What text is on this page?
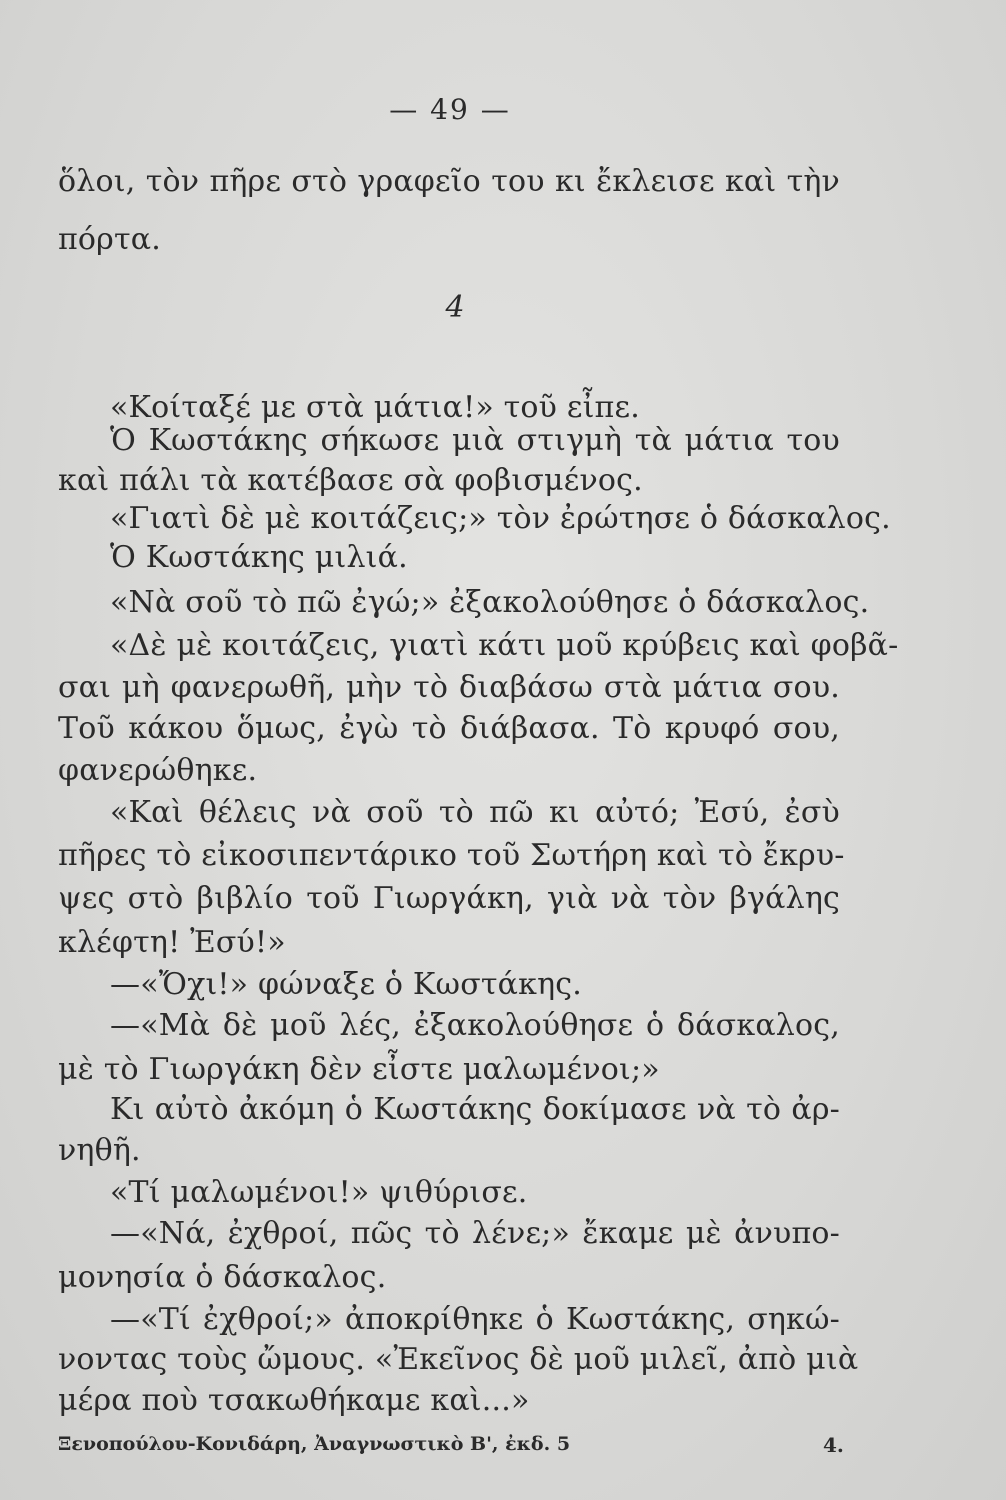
— 49 —
ὅλοι, τὸν πῆρε στὸ γραφεῖο του κι ἔκλεισε καὶ τὴν
πόρτα.
4
«Κοίταξέ με στὰ μάτια!» τοῦ εἶπε.
Ὁ Κωστάκης σήκωσε μιὰ στιγμὴ τὰ μάτια του
καὶ πάλι τὰ κατέβασε σὰ φοβισμένος.
«Γιατὶ δὲ μὲ κοιτάζεις;» τὸν ἐρώτησε ὁ δάσκαλος.
Ὁ Κωστάκης μιλιά.
«Νὰ σοῦ τὸ πῶ ἐγώ;» ἐξακολούθησε ὁ δάσκαλος.
«Δὲ μὲ κοιτάζεις, γιατὶ κάτι μοῦ κρύβεις καὶ φοβᾶ-
σαι μὴ φανερωθῆ, μὴν τὸ διαβάσω στὰ μάτια σου.
Τοῦ κάκου ὅμως, ἐγὼ τὸ διάβασα. Τὸ κρυφό σου,
φανερώθηκε.
«Καὶ θέλεις νὰ σοῦ τὸ πῶ κι αὐτό; Ἐσύ, ἐσὺ
πῆρες τὸ εἰκοσιπεντάρικο τοῦ Σωτήρη καὶ τὸ ἔκρυ-
ψες στὸ βιβλίο τοῦ Γιωργάκη, γιὰ νὰ τὸν βγάλης
κλέφτη! Ἐσύ!»
—«Ὄχι!» φώναξε ὁ Κωστάκης.
—«Μὰ δὲ μοῦ λές, ἐξακολούθησε ὁ δάσκαλος,
μὲ τὸ Γιωργάκη δὲν εἶστε μαλωμένοι;»
Κι αὐτὸ ἀκόμη ὁ Κωστάκης δοκίμασε νὰ τὸ ἀρ-
νηθῆ.
«Τί μαλωμένοι!» ψιθύρισε.
—«Νά, ἐχθροί, πῶς τὸ λένε;» ἔκαμε μὲ ἀνυπο-
μονησία ὁ δάσκαλος.
—«Τί ἐχθροί;» ἀποκρίθηκε ὁ Κωστάκης, σηκώ-
νοντας τοὺς ὤμους. «Ἐκεῖνος δὲ μοῦ μιλεῖ, ἀπὸ μιὰ
μέρα ποὺ τσακωθήκαμε καὶ...»
Ξενοπούλου-Κονιδάρη, Ἀναγνωστικὸ Β', ἐκδ. 5	4.
